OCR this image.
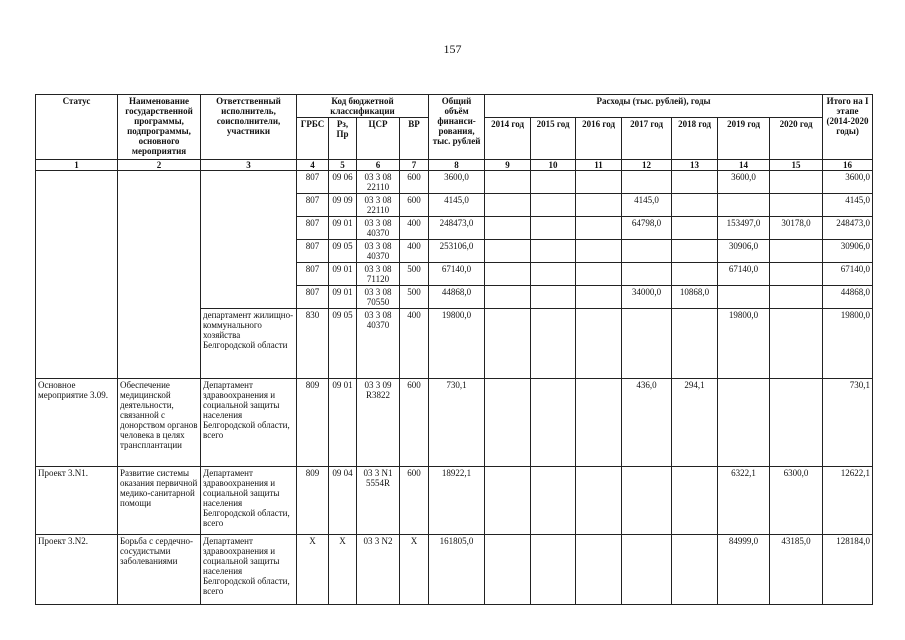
157
Статус	Наименование государственной программы, подпрограммы, основного мероприятия	Ответственный исполнитель, соисполнители, участники	Код бюджетной классификации				Общий объём финанси-рования, тыс. рублей	Расходы (тыс. рублей), годы							Итого на I этапе (2014-2020 годы)
			ГРБС	Рз, Пр	ЦСР	ВР		2014 год	2015 год	2016 год	2017 год	2018 год	2019 год	2020 год	
1	2	3	4	5	6	7	8	9	10	11	12	13	14	15	16
			807	09 06	03 3 08 22110	600	3600,0						3600,0		3600,0
			807	09 09	03 3 08 22110	600	4145,0				4145,0				4145,0
			807	09 01	03 3 08 40370	400	248473,0				64798,0		153497,0	30178,0	248473,0
			807	09 05	03 3 08 40370	400	253106,0						30906,0		30906,0
			807	09 01	03 3 08 71120	500	67140,0						67140,0		67140,0
			807	09 01	03 3 08 70550	500	44868,0				34000,0	10868,0			44868,0
		департамент жилищно-коммунального хозяйства Белгородской области	830	09 05	03 3 08 40370	400	19800,0						19800,0		19800,0
Основное мероприятие 3.09.	Обеспечение медицинской деятельности, связанной с донорством органов человека в целях трансплантации	Департамент здравоохранения и социальной защиты населения Белгородской области, всего	809	09 01	03 3 09 R3822	600	730,1				436,0	294,1			730,1
Проект 3.N1.	Развитие системы оказания первичной медико-санитарной помощи	Департамент здравоохранения и социальной защиты населения Белгородской области, всего	809	09 04	03 3 N1 5554R	600	18922,1						6322,1	6300,0	12622,1
Проект 3.N2.	Борьба с сердечно-сосудистыми заболеваниями	Департамент здравоохранения и социальной защиты населения Белгородской области, всего	X	X	03 3 N2	X	161805,0						84999,0	43185,0	128184,0
